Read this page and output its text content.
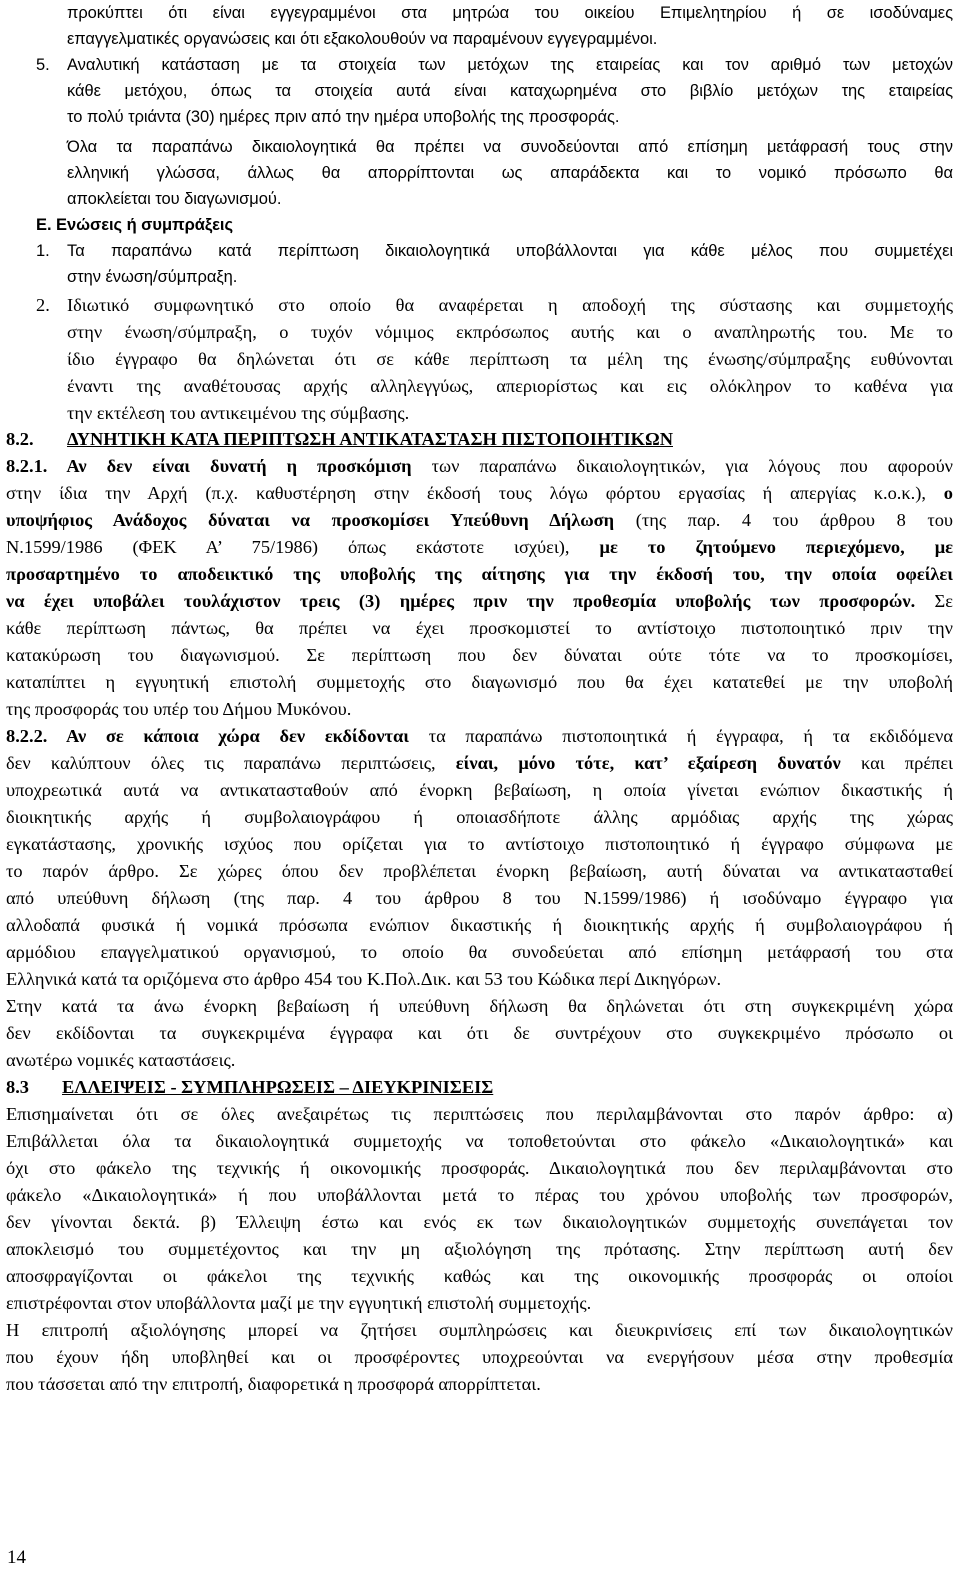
προκύπτει ότι είναι εγγεγραμμένοι στα μητρώα του οικείου Επιμελητηρίου ή σε ισοδύναμες
επαγγελματικές οργανώσεις και ότι εξακολουθούν να παραμένουν εγγεγραμμένοι.
5. Αναλυτική κατάσταση με τα στοιχεία των μετόχων της εταιρείας και τον αριθμό των μετοχών
κάθε μετόχου, όπως τα στοιχεία αυτά είναι καταχωρημένα στο βιβλίο μετόχων της εταιρείας
το πολύ τριάντα (30) ημέρες πριν από την ημέρα υποβολής της προσφοράς.
Όλα τα παραπάνω δικαιολογητικά θα πρέπει να συνοδεύονται από επίσημη μετάφρασή τους στην
ελληνική γλώσσα, άλλως θα απορρίπτονται ως απαράδεκτα και το νομικό πρόσωπο θα
αποκλείεται του διαγωνισμού.
Ε. Ενώσεις ή συμπράξεις
1. Τα παραπάνω κατά περίπτωση δικαιολογητικά υποβάλλονται για κάθε μέλος που συμμετέχει
στην ένωση/σύμπραξη.
2. Ιδιωτικό συμφωνητικό στο οποίο θα αναφέρεται η αποδοχή της σύστασης και συμμετοχής
στην ένωση/σύμπραξη, ο τυχόν νόμιμος εκπρόσωπος αυτής και ο αναπληρωτής του. Με το
ίδιο έγγραφο θα δηλώνεται ότι σε κάθε περίπτωση τα μέλη της ένωσης/σύμπραξης ευθύνονται
έναντι της αναθέτουσας αρχής αλληλεγγύως, απεριορίστως και εις ολόκληρον το καθένα για
την εκτέλεση του αντικειμένου της σύμβασης.
8.2. ΔΥΝΗΤΙΚΗ ΚΑΤΑ ΠΕΡΙΠΤΩΣΗ ΑΝΤΙΚΑΤΑΣΤΑΣΗ ΠΙΣΤΟΠΟΙΗΤΙΚΩΝ
8.2.1. Αν δεν είναι δυνατή η προσκόμιση των παραπάνω δικαιολογητικών, για λόγους που αφορούν
στην ίδια την Αρχή (π.χ. καθυστέρηση στην έκδοσή τους λόγω φόρτου εργασίας ή απεργίας κ.ο.κ.), ο
υποψήφιος Ανάδοχος δύναται να προσκομίσει Υπεύθυνη Δήλωση (της παρ. 4 του άρθρου 8 του
Ν.1599/1986 (ΦΕΚ Α’ 75/1986) όπως εκάστοτε ισχύει), με το ζητούμενο περιεχόμενο, με
προσαρτημένο το αποδεικτικό της υποβολής της αίτησης για την έκδοσή του, την οποία οφείλει
να έχει υποβάλει τουλάχιστον τρεις (3) ημέρες πριν την προθεσμία υποβολής των προσφορών. Σε
κάθε περίπτωση πάντως, θα πρέπει να έχει προσκομιστεί το αντίστοιχο πιστοποιητικό πριν την
κατακύρωση του διαγωνισμού. Σε περίπτωση που δεν δύναται ούτε τότε να το προσκομίσει,
καταπίπτει η εγγυητική επιστολή συμμετοχής στο διαγωνισμό που θα έχει κατατεθεί με την υποβολή
της προσφοράς του υπέρ του Δήμου Μυκόνου.
8.2.2. Αν σε κάποια χώρα δεν εκδίδονται τα παραπάνω πιστοποιητικά ή έγγραφα, ή τα εκδιδόμενα
δεν καλύπτουν όλες τις παραπάνω περιπτώσεις, είναι, μόνο τότε, κατ’ εξαίρεση δυνατόν και πρέπει
υποχρεωτικά αυτά να αντικατασταθούν από ένορκη βεβαίωση, η οποία γίνεται ενώπιον δικαστικής ή
διοικητικής αρχής ή συμβολαιογράφου ή οποιασδήποτε άλλης αρμόδιας αρχής της χώρας
εγκατάστασης, χρονικής ισχύος που ορίζεται για το αντίστοιχο πιστοποιητικό ή έγγραφο σύμφωνα με
το παρόν άρθρο. Σε χώρες όπου δεν προβλέπεται ένορκη βεβαίωση, αυτή δύναται να αντικατασταθεί
από υπεύθυνη δήλωση (της παρ. 4 του άρθρου 8 του Ν.1599/1986) ή ισοδύναμο έγγραφο για
αλλοδαπά φυσικά ή νομικά πρόσωπα ενώπιον δικαστικής ή διοικητικής αρχής ή συμβολαιογράφου ή
αρμόδιου επαγγελματικού οργανισμού, το οποίο θα συνοδεύεται από επίσημη μετάφρασή του στα
Ελληνικά κατά τα οριζόμενα στο άρθρο 454 του Κ.Πολ.Δικ. και 53 του Κώδικα περί Δικηγόρων.
Στην κατά τα άνω ένορκη βεβαίωση ή υπεύθυνη δήλωση θα δηλώνεται ότι στη συγκεκριμένη χώρα
δεν εκδίδονται τα συγκεκριμένα έγγραφα και ότι δε συντρέχουν στο συγκεκριμένο πρόσωπο οι
ανωτέρω νομικές καταστάσεις.
8.3 ΕΛΛΕΙΨΕΙΣ - ΣΥΜΠΛΗΡΩΣΕΙΣ – ΔΙΕΥΚΡΙΝΙΣΕΙΣ
Επισημαίνεται ότι σε όλες ανεξαιρέτως τις περιπτώσεις που περιλαμβάνονται στο παρόν άρθρο: α)
Επιβάλλεται όλα τα δικαιολογητικά συμμετοχής να τοποθετούνται στο φάκελο «Δικαιολογητικά» και
όχι στο φάκελο της τεχνικής ή οικονομικής προσφοράς. Δικαιολογητικά που δεν περιλαμβάνονται στο
φάκελο «Δικαιολογητικά» ή που υποβάλλονται μετά το πέρας του χρόνου υποβολής των προσφορών,
δεν γίνονται δεκτά. β) Έλλειψη έστω και ενός εκ των δικαιολογητικών συμμετοχής συνεπάγεται τον
αποκλεισμό του συμμετέχοντος και την μη αξιολόγηση της πρότασης. Στην περίπτωση αυτή δεν
αποσφραγίζονται οι φάκελοι της τεχνικής καθώς και της οικονομικής προσφοράς οι οποίοι
επιστρέφονται στον υποβάλλοντα μαζί με την εγγυητική επιστολή συμμετοχής.
Η επιτροπή αξιολόγησης μπορεί να ζητήσει συμπληρώσεις και διευκρινίσεις επί των δικαιολογητικών
που έχουν ήδη υποβληθεί και οι προσφέροντες υποχρεούνται να ενεργήσουν μέσα στην προθεσμία
που τάσσεται από την επιτροπή, διαφορετικά η προσφορά απορρίπτεται.
14
